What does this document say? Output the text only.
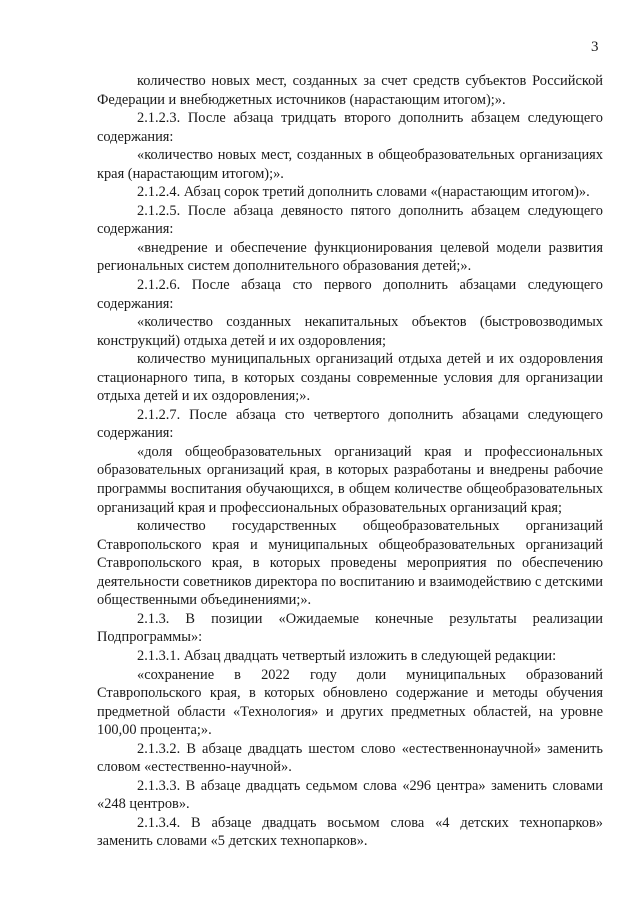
3

количество новых мест, созданных за счет средств субъектов Российской Федерации и внебюджетных источников (нарастающим итогом);».

2.1.2.3. После абзаца тридцать второго дополнить абзацем следующего содержания:

«количество новых мест, созданных в общеобразовательных организациях края (нарастающим итогом);».

2.1.2.4. Абзац сорок третий дополнить словами «(нарастающим итогом)».

2.1.2.5. После абзаца девяносто пятого дополнить абзацем следующего содержания:

«внедрение и обеспечение функционирования целевой модели развития региональных систем дополнительного образования детей;».

2.1.2.6. После абзаца сто первого дополнить абзацами следующего содержания:

«количество созданных некапитальных объектов (быстровозводимых конструкций) отдыха детей и их оздоровления;

количество муниципальных организаций отдыха детей и их оздоровления стационарного типа, в которых созданы современные условия для организации отдыха детей и их оздоровления;».

2.1.2.7. После абзаца сто четвертого дополнить абзацами следующего содержания:

«доля общеобразовательных организаций края и профессиональных образовательных организаций края, в которых разработаны и внедрены рабочие программы воспитания обучающихся, в общем количестве общеобразовательных организаций края и профессиональных образовательных организаций края;

количество государственных общеобразовательных организаций Ставропольского края и муниципальных общеобразовательных организаций Ставропольского края, в которых проведены мероприятия по обеспечению деятельности советников директора по воспитанию и взаимодействию с детскими общественными объединениями;».

2.1.3. В позиции «Ожидаемые конечные результаты реализации Подпрограммы»:

2.1.3.1. Абзац двадцать четвертый изложить в следующей редакции:

«сохранение в 2022 году доли муниципальных образований Ставропольского края, в которых обновлено содержание и методы обучения предметной области «Технология» и других предметных областей, на уровне 100,00 процента;».

2.1.3.2. В абзаце двадцать шестом слово «естественнонаучной» заменить словом «естественно-научной».

2.1.3.3. В абзаце двадцать седьмом слова «296 центра» заменить словами «248 центров».

2.1.3.4. В абзаце двадцать восьмом слова «4 детских технопарков» заменить словами «5 детских технопарков».
